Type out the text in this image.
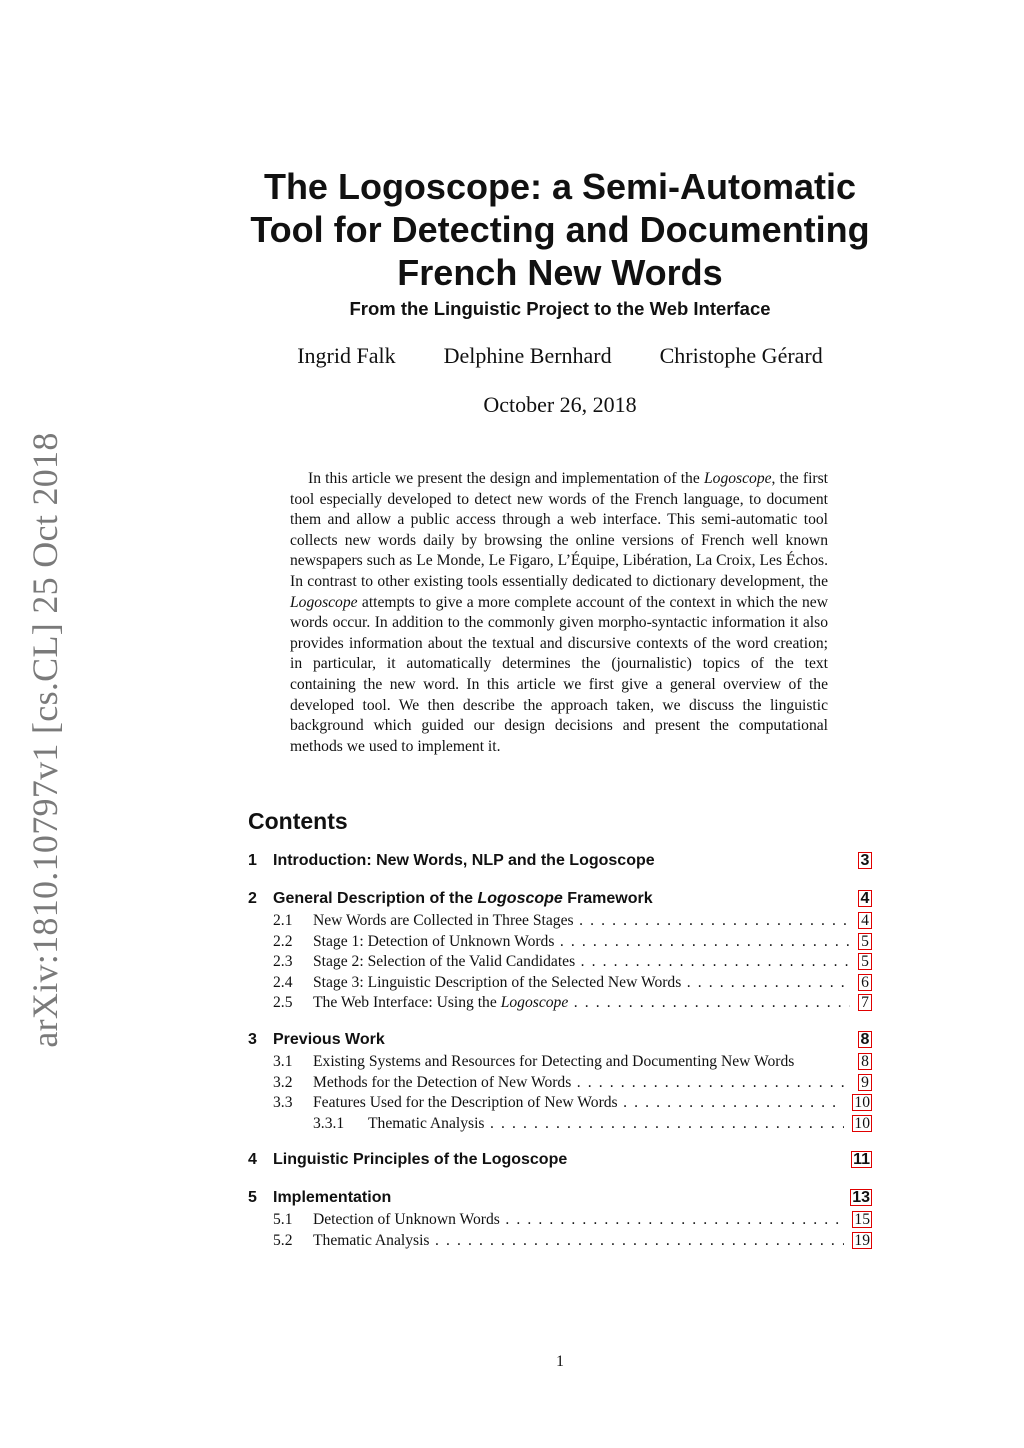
arXiv:1810.10797v1 [cs.CL] 25 Oct 2018
The Logoscope: a Semi-Automatic
Tool for Detecting and Documenting
French New Words
From the Linguistic Project to the Web Interface
Ingrid Falk Delphine Bernhard Christophe Gérard
October 26, 2018
In this article we present the design and implementation of the Logoscope, the first tool especially developed to detect new words of the French language, to document them and allow a public access through a web interface. This semi-automatic tool collects new words daily by browsing the online versions of French well known newspapers such as Le Monde, Le Figaro, L’Équipe, Libération, La Croix, Les Échos. In contrast to other existing tools essentially dedicated to dictionary development, the Logoscope attempts to give a more complete account of the context in which the new words occur. In addition to the commonly given morpho-syntactic information it also provides information about the textual and discursive contexts of the word creation; in particular, it automatically determines the (journalistic) topics of the text containing the new word. In this article we first give a general overview of the developed tool. We then describe the approach taken, we discuss the linguistic background which guided our design decisions and present the computational methods we used to implement it.
Contents
1	Introduction: New Words, NLP and the Logoscope	3
2	General Description of the Logoscope Framework	4
2.1	New Words are Collected in Three Stages . . .	4
2.2	Stage 1: Detection of Unknown Words . . .	5
2.3	Stage 2: Selection of the Valid Candidates . . .	5
2.4	Stage 3: Linguistic Description of the Selected New Words . . .	6
2.5	The Web Interface: Using the Logoscope . . .	7
3	Previous Work	8
3.1	Existing Systems and Resources for Detecting and Documenting New Words	8
3.2	Methods for the Detection of New Words . . .	9
3.3	Features Used for the Description of New Words . . .	10
3.3.1	Thematic Analysis . . .	10
4	Linguistic Principles of the Logoscope	11
5	Implementation	13
5.1	Detection of Unknown Words . . .	15
5.2	Thematic Analysis . . .	19
1
